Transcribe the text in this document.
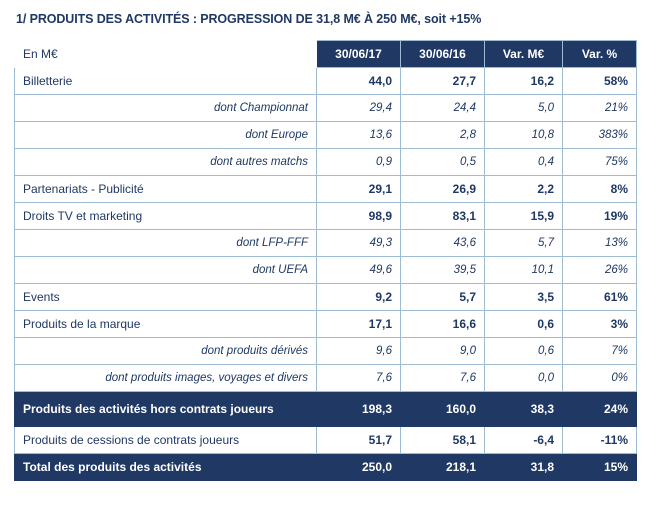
1/ PRODUITS DES ACTIVITÉS : PROGRESSION DE 31,8 M€ À 250 M€, soit +15%
En M€	30/06/17	30/06/16	Var. M€	Var. %
Billetterie	44,0	27,7	16,2	58%
dont Championnat	29,4	24,4	5,0	21%
dont Europe	13,6	2,8	10,8	383%
dont autres matchs	0,9	0,5	0,4	75%
Partenariats - Publicité	29,1	26,9	2,2	8%
Droits TV et marketing	98,9	83,1	15,9	19%
dont LFP-FFF	49,3	43,6	5,7	13%
dont UEFA	49,6	39,5	10,1	26%
Events	9,2	5,7	3,5	61%
Produits de la marque	17,1	16,6	0,6	3%
dont produits dérivés	9,6	9,0	0,6	7%
dont produits images, voyages et divers	7,6	7,6	0,0	0%
Produits des activités hors contrats joueurs	198,3	160,0	38,3	24%
Produits de cessions de contrats joueurs	51,7	58,1	-6,4	-11%
Total des produits des activités	250,0	218,1	31,8	15%
